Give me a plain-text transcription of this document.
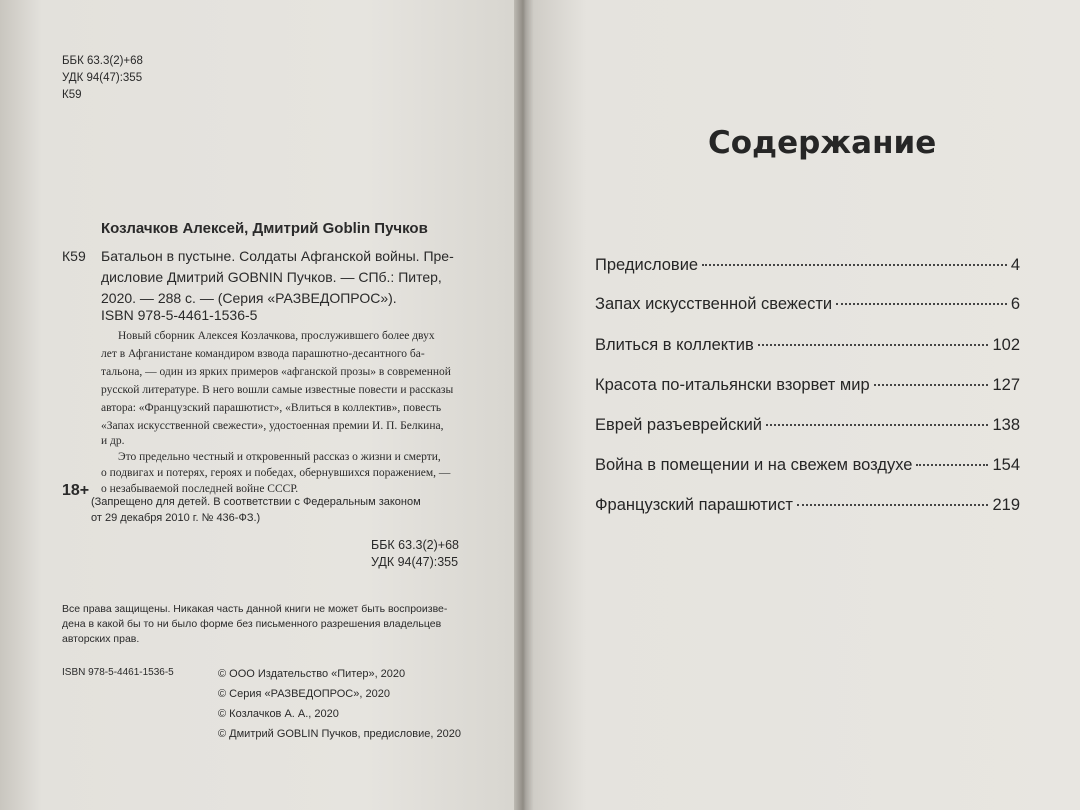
ББК 63.3(2)+68
УДК 94(47):355
К59
Козлачков Алексей, Дмитрий Goblin Пучков
К59 Батальон в пустыне. Солдаты Афганской войны. Пре-
дисловие Дмитрий GOBNIN Пучков. — СПб.: Питер,
2020. — 288 с. — (Серия «РАЗВЕДОПРОС»).
ISBN 978-5-4461-1536-5
Новый сборник Алексея Козлачкова, прослужившего более двух
лет в Афганистане командиром взвода парашютно-десантного ба-
тальона, — один из ярких примеров «афганской прозы» в современной
русской литературе. В него вошли самые известные повести и рассказы
автора: «Французский парашютист», «Влиться в коллектив», повесть
«Запах искусственной свежести», удостоенная премии И. П. Белкина,
и др.
Это предельно честный и откровенный рассказ о жизни и смерти,
о подвигах и потерях, героях и победах, обернувшихся поражением, —
о незабываемой последней войне СССР.
18+
(Запрещено для детей. В соответствии с Федеральным законом
от 29 декабря 2010 г. № 436-ФЗ.)
ББК 63.3(2)+68
УДК 94(47):355
Все права защищены. Никакая часть данной книги не может быть воспроизве-
дена в какой бы то ни было форме без письменного разрешения владельцев
авторских прав.
ISBN 978-5-4461-1536-5	© ООО Издательство «Питер», 2020
© Серия «РАЗВЕДОПРОС», 2020
© Козлачков А. А., 2020
© Дмитрий GOBLIN Пучков, предисловие, 2020
Содержание
Предисловие	4
Запах искусственной свежести	6
Влиться в коллектив	102
Красота по-итальянски взорвет мир	127
Еврей разъеврейский	138
Война в помещении и на свежем воздухе	154
Французский парашютист	219
